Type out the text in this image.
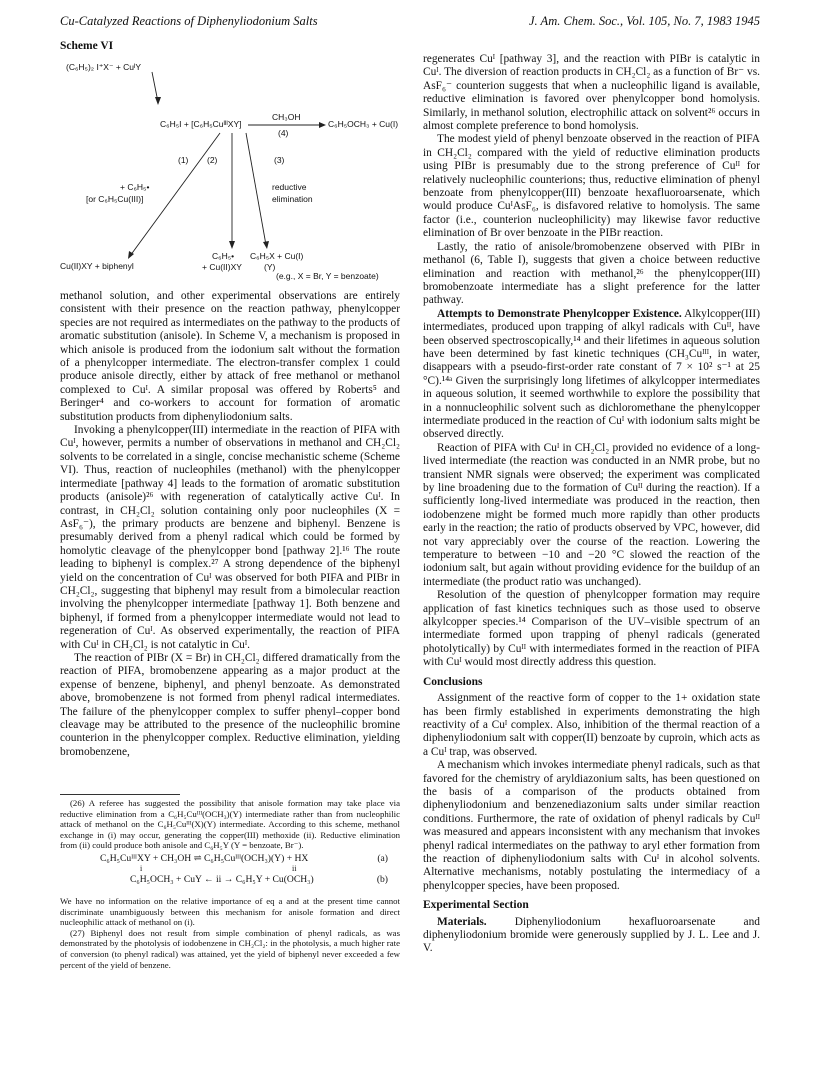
Cu-Catalyzed Reactions of Diphenyliodonium Salts	J. Am. Chem. Soc., Vol. 105, No. 7, 1983 1945
Scheme VI
(C₆H₅)₂ I⁺X⁻ + CuᴵY
C₆H₅I + [C₆H₅CuᴵᴵᴵXY]
CH₃OH
(4)
C₆H₅OCH₃ + Cu(I)
(1) (2)	(3)
+ C₆H₅•
[or C₆H₅Cu(III)]
reductive
elimination
Cu(II)XY + biphenyl
C₆H₅•
+ Cu(II)XY
C₆H₅X + Cu(I)
(Y)
(e.g., X = Br, Y = benzoate)

methanol solution, and other experimental observations are entirely consistent with their presence on the reaction pathway, phenylcopper species are not required as intermediates on the pathway to the products of aromatic substitution (anisole). In Scheme V, a mechanism is proposed in which anisole is produced from the iodonium salt without the formation of a phenylcopper intermediate. The electron-transfer complex 1 could produce anisole directly, either by attack of free methanol or methanol complexed to Cuᴵ. A similar proposal was offered by Roberts⁵ and Beringer⁴ and co-workers to account for formation of aromatic substitution products from diphenyliodonium salts.

Invoking a phenylcopper(III) intermediate in the reaction of PIFA with Cuᴵ, however, permits a number of observations in methanol and CH₂Cl₂ solvents to be correlated in a single, concise mechanistic scheme (Scheme VI). Thus, reaction of nucleophiles (methanol) with the phenylcopper intermediate [pathway 4] leads to the formation of aromatic substitution products (anisole)²⁶ with regeneration of catalytically active Cuᴵ. In contrast, in CH₂Cl₂ solution containing only poor nucleophiles (X = AsF₆⁻), the primary products are benzene and biphenyl. Benzene is presumably derived from a phenyl radical which could be formed by homolytic cleavage of the phenylcopper bond [pathway 2].¹⁶ The route leading to biphenyl is complex.²⁷ A strong dependence of the biphenyl yield on the concentration of Cuᴵ was observed for both PIFA and PIBr in CH₂Cl₂, suggesting that biphenyl may result from a bimolecular reaction involving the phenylcopper intermediate [pathway 1]. Both benzene and biphenyl, if formed from a phenylcopper intermediate would not lead to regeneration of Cuᴵ. As observed experimentally, the reaction of PIFA with Cuᴵ in CH₂Cl₂ is not catalytic in Cuᴵ.

The reaction of PIBr (X = Br) in CH₂Cl₂ differed dramatically from the reaction of PIFA, bromobenzene appearing as a major product at the expense of benzene, biphenyl, and phenyl benzoate. As demonstrated above, bromobenzene is not formed from phenyl radical intermediates. The failure of the phenylcopper complex to suffer phenyl–copper bond cleavage may be attributed to the presence of the nucleophilic bromine counterion in the phenylcopper complex. Reductive elimination, yielding bromobenzene,

(26) A referee has suggested the possibility that anisole formation may take place via reductive elimination from a C₆H₅Cuᴵᴵᴵ(OCH₃)(Y) intermediate rather than from nucleophilic attack of methanol on the C₆H₅Cuᴵᴵᴵ(X)(Y) intermediate. According to this scheme, methanol exchange in (i) may occur, generating the copper(III) methoxide (ii). Reductive elimination from (ii) could produce both anisole and C₆H₅Y (Y = benzoate, Br⁻).

C₆H₅CuᴵᴵᴵXY + CH₃OH ⇌ C₆H₅Cuᴵᴵᴵ(OCH₃)(Y) + HX	(a)
i	ii
C₆H₅OCH₃ + CuY ← ii → C₆H₅Y + Cu(OCH₃)	(b)

We have no information on the relative importance of eq a and at the present time cannot discriminate unambiguously between this mechanism for anisole formation and direct nucleophilic attack of methanol on (i).

(27) Biphenyl does not result from simple combination of phenyl radicals, as was demonstrated by the photolysis of iodobenzene in CH₂Cl₂: in the photolysis, a much higher rate of conversion (to phenyl radical) was attained, yet the yield of biphenyl never exceeded a few percent of the yield of benzene.

regenerates Cuᴵ [pathway 3], and the reaction with PIBr is catalytic in Cuᴵ. The diversion of reaction products in CH₂Cl₂ as a function of Br⁻ vs. AsF₆⁻ counterion suggests that when a nucleophilic ligand is available, reductive elimination is favored over phenylcopper bond homolysis. Similarly, in methanol solution, electrophilic attack on solvent²⁶ occurs in almost complete preference to bond homolysis.

The modest yield of phenyl benzoate observed in the reaction of PIFA in CH₂Cl₂ compared with the yield of reductive elimination products using PIBr is presumably due to the strong preference of Cuᴵᴵ for relatively nucleophilic counterions; thus, reductive elimination of phenyl benzoate from phenylcopper(III) benzoate hexafluoroarsenate, which would produce CuᴵAsF₆, is disfavored relative to homolysis. The same factor (i.e., counterion nucleophilicity) may likewise favor reductive elimination of Br over benzoate in the PIBr reaction.

Lastly, the ratio of anisole/bromobenzene observed with PIBr in methanol (6, Table I), suggests that given a choice between reductive elimination and reaction with methanol,²⁶ the phenylcopper(III) bromobenzoate intermediate has a slight preference for the latter pathway.

Attempts to Demonstrate Phenylcopper Existence. Alkylcopper(III) intermediates, produced upon trapping of alkyl radicals with Cuᴵᴵ, have been observed spectroscopically,¹⁴ and their lifetimes in aqueous solution have been determined by fast kinetic techniques (CH₃Cuᴵᴵᴵ, in water, disappears with a pseudo-first-order rate constant of 7 × 10² s⁻¹ at 25 °C).¹⁴ᵃ Given the surprisingly long lifetimes of alkylcopper intermediates in aqueous solution, it seemed worthwhile to explore the possibility that in a nonnucleophilic solvent such as dichloromethane the phenylcopper intermediate produced in the reaction of Cuᴵ with iodonium salts might be observed directly.

Reaction of PIFA with Cuᴵ in CH₂Cl₂ provided no evidence of a long-lived intermediate (the reaction was conducted in an NMR probe, but no transient NMR signals were observed; the experiment was complicated by line broadening due to the formation of Cuᴵᴵ during the reaction). If a sufficiently long-lived intermediate was produced in the reaction, then iodobenzene might be formed much more rapidly than other products early in the reaction; the ratio of products observed by VPC, however, did not vary appreciably over the course of the reaction. Lowering the temperature to between −10 and −20 °C slowed the reaction of the iodonium salt, but again without providing evidence for the buildup of an intermediate (the product ratio was unchanged).

Resolution of the question of phenylcopper formation may require application of fast kinetics techniques such as those used to observe alkylcopper species.¹⁴ Comparison of the UV–visible spectrum of an intermediate formed upon trapping of phenyl radicals (generated photolytically) by Cuᴵᴵ with intermediates formed in the reaction of PIFA with Cuᴵ would most directly address this question.

Conclusions

Assignment of the reactive form of copper to the 1+ oxidation state has been firmly established in experiments demonstrating the high reactivity of a Cuᴵ complex. Also, inhibition of the thermal reaction of a diphenyliodonium salt with copper(II) benzoate by cuproin, which acts as a Cuᴵ trap, was observed.

A mechanism which invokes intermediate phenyl radicals, such as that favored for the chemistry of aryldiazonium salts, has been questioned on the basis of a comparison of the products obtained from diphenyliodonium and benzenediazonium salts under similar reaction conditions. Furthermore, the rate of oxidation of phenyl radicals by Cuᴵᴵ was measured and appears inconsistent with any mechanism that invokes phenyl radical intermediates on the pathway to aryl ether formation from the reaction of diphenyliodonium salts with Cuᴵ in alcohol solvents. Alternative mechanisms, notably postulating the intermediacy of a phenylcopper species, have been proposed.

Experimental Section

Materials. Diphenyliodonium hexafluoroarsenate and diphenyliodonium bromide were generously supplied by J. L. Lee and J. V.
